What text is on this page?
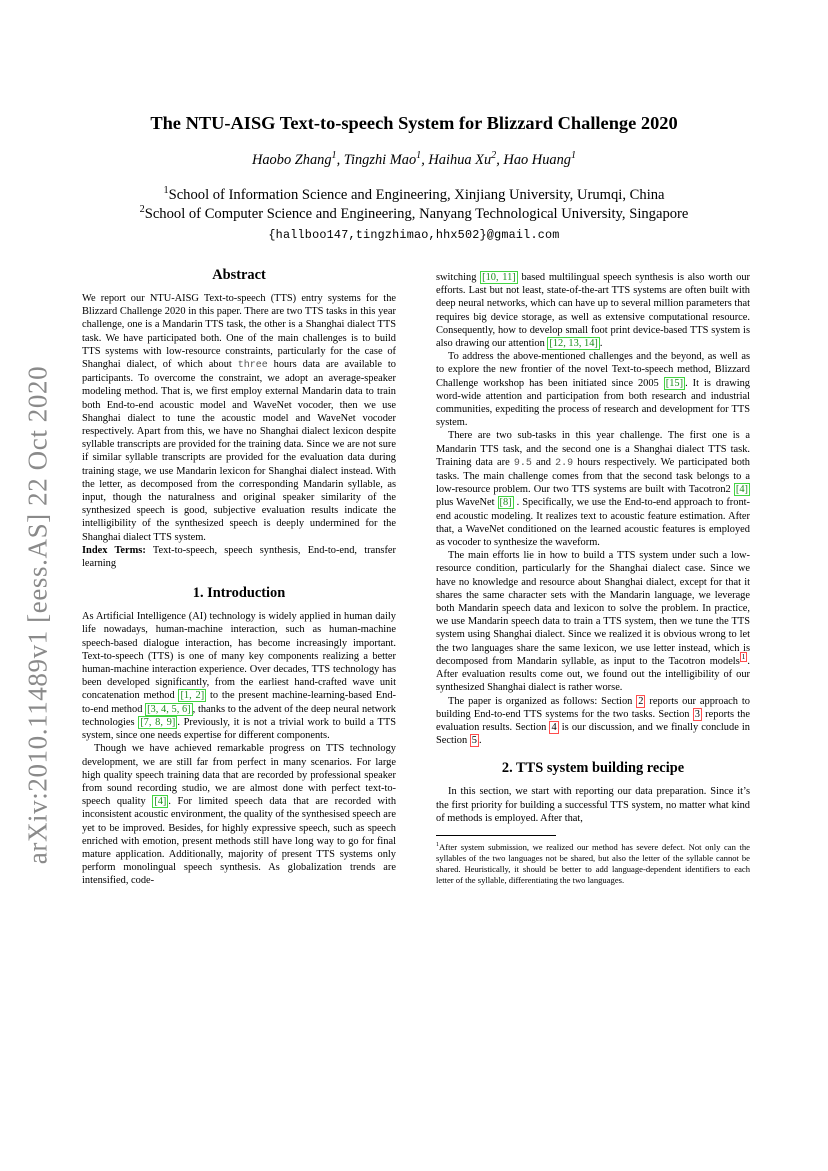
arXiv:2010.11489v1 [eess.AS] 22 Oct 2020
The NTU-AISG Text-to-speech System for Blizzard Challenge 2020
Haobo Zhang$^1$, Tingzhi Mao$^1$, Haihua Xu$^2$, Hao Huang$^1$
$^1$School of Information Science and Engineering, Xinjiang University, Urumqi, China
$^2$School of Computer Science and Engineering, Nanyang Technological University, Singapore
{hallboo147,tingzhimao,hhx502}@gmail.com
Abstract

We report our NTU-AISG Text-to-speech (TTS) entry systems for the Blizzard Challenge 2020 in this paper. There are two TTS tasks in this year challenge, one is a Mandarin TTS task, the other is a Shanghai dialect TTS task. We have participated both. One of the main challenges is to build TTS systems with low-resource constraints, particularly for the case of Shanghai dialect, of which about three hours data are available to participants. To overcome the constraint, we adopt an average-speaker modeling method. That is, we first employ external Mandarin data to train both End-to-end acoustic model and WaveNet vocoder, then we use Shanghai dialect to tune the acoustic model and WaveNet vocoder respectively. Apart from this, we have no Shanghai dialect lexicon despite syllable transcripts are provided for the training data. Since we are not sure if similar syllable transcripts are provided for the evaluation data during training stage, we use Mandarin lexicon for Shanghai dialect instead. With the letter, as decomposed from the corresponding Mandarin syllable, as input, though the naturalness and original speaker similarity of the synthesized speech is good, subjective evaluation results indicate the intelligibility of the synthesized speech is deeply undermined for the Shanghai dialect TTS system.

Index Terms: Text-to-speech, speech synthesis, End-to-end, transfer learning

1. Introduction

As Artificial Intelligence (AI) technology is widely applied in human daily life nowadays, human-machine interaction, such as human-machine speech-based dialogue interaction, has become increasingly important. Text-to-speech (TTS) is one of many key components realizing a better human-machine interaction experience. Over decades, TTS technology has been developed significantly, from the earliest hand-crafted wave unit concatenation method [1, 2] to the present machine-learning-based End-to-end method [3, 4, 5, 6] , thanks to the advent of the deep neural network technologies [7, 8, 9] . Previously, it is not a trivial work to build a TTS system, since one needs expertise for different components.

Though we have achieved remarkable progress on TTS technology development, we are still far from perfect in many scenarios. For large high quality speech training data that are recorded by professional speaker from sound recording studio, we are almost done with perfect text-to-speech quality [4] . For limited speech data that are recorded with inconsistent acoustic environment, the quality of the synthesised speech are yet to be improved. Besides, for highly expressive speech, such as speech enriched with emotion, present methods still have long way to go for final mature application. Additionally, majority of present TTS systems only perform monolingual speech synthesis. As globalization trends are intensified, code-

switching [10, 11] based multilingual speech synthesis is also worth our efforts. Last but not least, state-of-the-art TTS systems are often built with deep neural networks, which can have up to several million parameters that requires big device storage, as well as extensive computational resource. Consequently, how to develop small foot print device-based TTS system is also drawing our attention [12, 13, 14] .

To address the above-mentioned challenges and the beyond, as well as to explore the new frontier of the novel Text-to-speech method, Blizzard Challenge workshop has been initiated since 2005 [15] . It is drawing word-wide attention and participation from both research and industrial communities, expediting the process of research and development for TTS system.

There are two sub-tasks in this year challenge. The first one is a Mandarin TTS task, and the second one is a Shanghai dialect TTS task. Training data are 9.5 and 2.9 hours respectively. We participated both tasks. The main challenge comes from that the second task belongs to a low-resource problem. Our two TTS systems are built with Tacotron2 [4] plus WaveNet [8] . Specifically, we use the End-to-end approach to front-end acoustic modeling. It realizes text to acoustic feature estimation. After that, a WaveNet conditioned on the learned acoustic features is employed as vocoder to synthesize the waveform.

The main efforts lie in how to build a TTS system under such a low-resource condition, particularly for the Shanghai dialect case. Since we have no knowledge and resource about Shanghai dialect, except for that it shares the same character sets with the Mandarin language, we leverage both Mandarin speech data and lexicon to solve the problem. In practice, we use Mandarin speech data to train a TTS system, then we tune the TTS system using Shanghai dialect. Since we realized it is obvious wrong to let the two languages share the same lexicon, we use letter instead, which is decomposed from Mandarin syllable, as input to the Tacotron models $^1$ . After evaluation results come out, we found out the intelligibility of our synthesized Shanghai dialect is rather worse.

The paper is organized as follows: Section 2 reports our approach to building End-to-end TTS systems for the two tasks. Section 3 reports the evaluation results. Section 4 is our discussion, and we finally conclude in Section 5 .

2. TTS system building recipe

In this section, we start with reporting our data preparation. Since it’s the first priority for building a successful TTS system, no matter what kind of methods is employed. After that,

$^1$After system submission, we realized our method has severe defect. Not only can the syllables of the two languages not be shared, but also the letter of the syllable cannot be shared. Heuristically, it should be better to add language-dependent identifiers to each letter of the syllable, differentiating the two languages.
